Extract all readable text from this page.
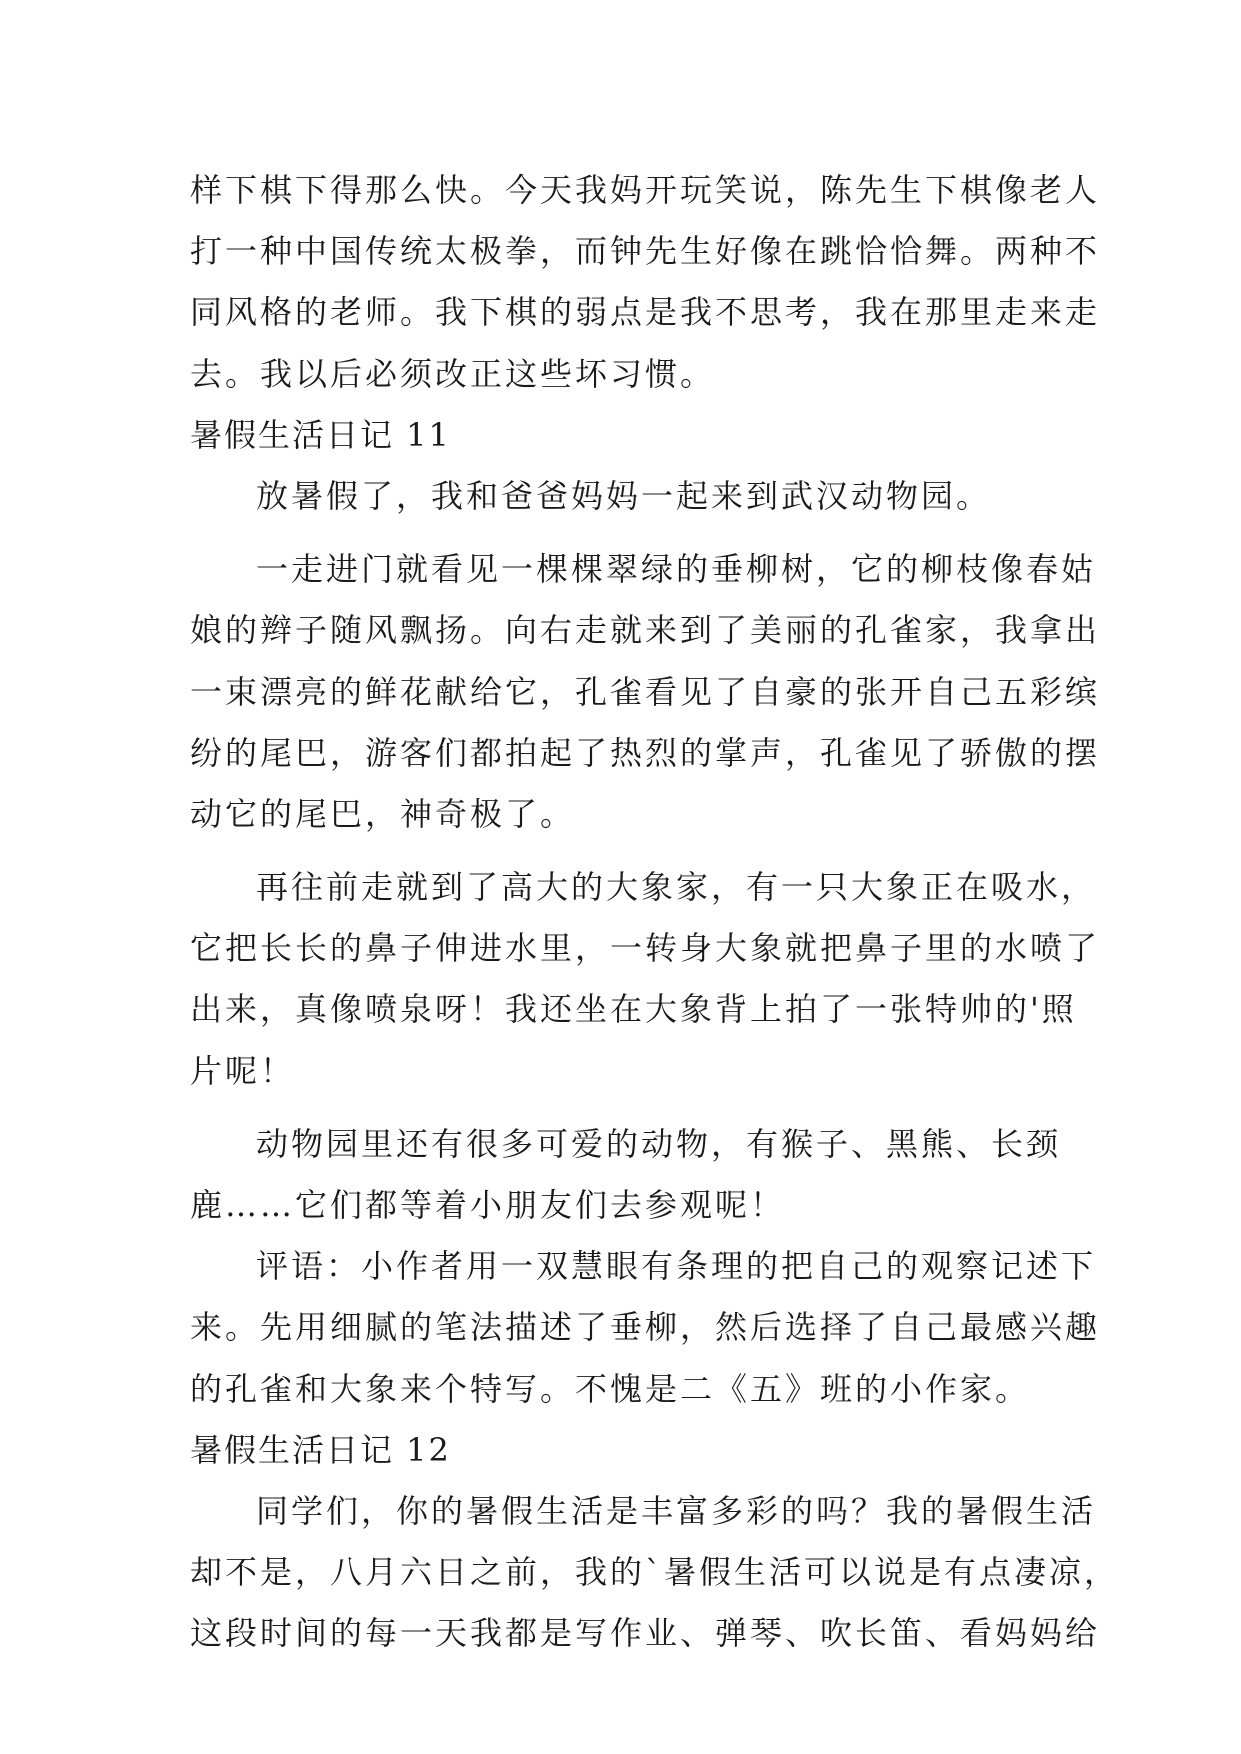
样下棋下得那么快。今天我妈开玩笑说，陈先生下棋像老人
打一种中国传统太极拳，而钟先生好像在跳恰恰舞。两种不
同风格的老师。我下棋的弱点是我不思考，我在那里走来走
去。我以后必须改正这些坏习惯。
暑假生活日记 11
放暑假了，我和爸爸妈妈一起来到武汉动物园。
一走进门就看见一棵棵翠绿的垂柳树，它的柳枝像春姑
娘的辫子随风飘扬。向右走就来到了美丽的孔雀家，我拿出
一束漂亮的鲜花献给它，孔雀看见了自豪的张开自己五彩缤
纷的尾巴，游客们都拍起了热烈的掌声，孔雀见了骄傲的摆
动它的尾巴，神奇极了。
再往前走就到了高大的大象家，有一只大象正在吸水，
它把长长的鼻子伸进水里，一转身大象就把鼻子里的水喷了
出来，真像喷泉呀！我还坐在大象背上拍了一张特帅的'照
片呢！
动物园里还有很多可爱的动物，有猴子、黑熊、长颈
鹿……它们都等着小朋友们去参观呢！
评语：小作者用一双慧眼有条理的把自己的观察记述下
来。先用细腻的笔法描述了垂柳，然后选择了自己最感兴趣
的孔雀和大象来个特写。不愧是二《五》班的小作家。
暑假生活日记 12
同学们，你的暑假生活是丰富多彩的吗？我的暑假生活
却不是，八月六日之前，我的`暑假生活可以说是有点凄凉，
这段时间的每一天我都是写作业、弹琴、吹长笛、看妈妈给
